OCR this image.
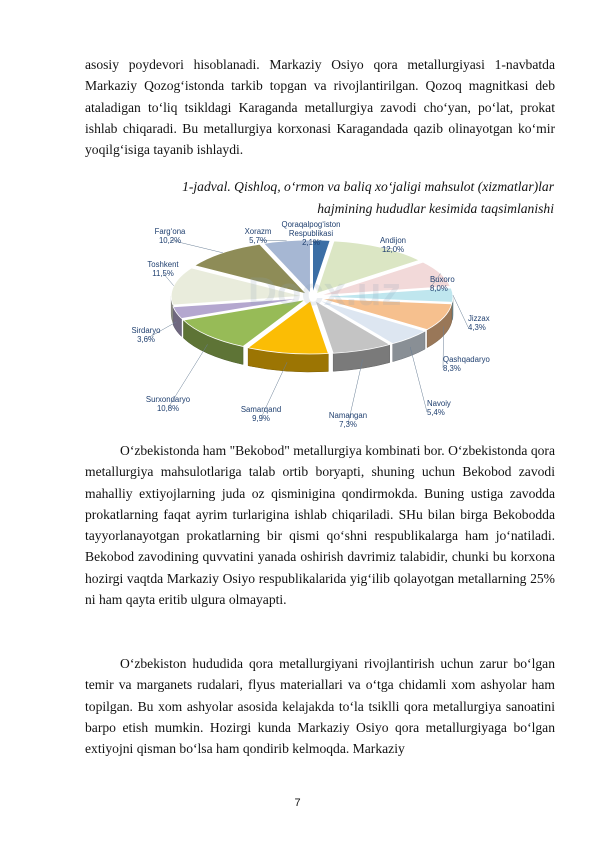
asosiy poydevori hisoblanadi. Markaziy Osiyo qora metallurgiyasi 1-navbatda Markaziy Qozog‘istonda tarkib topgan va rivojlantirilgan. Qozoq magnitkasi deb ataladigan to‘liq tsikldagi Karaganda metallurgiya zavodi cho‘yan, po‘lat, prokat ishlab chiqaradi. Bu metallurgiya korxonasi Karagandada qazib olinayotgan ko‘mir yoqilg‘isiga tayanib ishlaydi.

1-jadval. Qishloq, o‘rmon va baliq xo‘jaligi mahsulot (xizmatlar)lar
hajmining hududlar kesimida taqsimlanishi
Docx.uz
Qoraqalpog‘iston Respublikasi 2,1%	Andijon 12,0%
Buxoro 8,0%
Jizzax 4,3%
Qashqadaryo 8,3%
Navoiy 5,4%
Namangan 7,3%
Samarqand 9,9%
Surxondaryo 10,8%
Sirdaryo 3,6%
Toshkent 11,5%
Farg‘ona 10,2%
Xorazm 5,7%

O‘zbekistonda ham "Bekobod" metallurgiya kombinati bor. O‘zbekistonda qora metallurgiya mahsulotlariga talab ortib boryapti, shuning uchun Bekobod zavodi mahalliy extiyojlarning juda oz qisminigina qondirmokda. Buning ustiga zavodda prokatlarning faqat ayrim turlarigina ishlab chiqariladi. SHu bilan birga Bekobodda tayyorlanayotgan prokatlarning bir qismi qo‘shni respublikalarga ham jo‘natiladi. Bekobod zavodining quvvatini yanada oshirish davrimiz talabidir, chunki bu korxona hozirgi vaqtda Markaziy Osiyo respublikalarida yig‘ilib qolayotgan metallarning 25% ni ham qayta eritib ulgura olmayapti.

O‘zbekiston hududida qora metallurgiyani rivojlantirish uchun zarur bo‘lgan temir va marganets rudalari, flyus materiallari va o‘tga chidamli xom ashyolar ham topilgan. Bu xom ashyolar asosida kelajakda to‘la tsiklli qora metallurgiya sanoatini barpo etish mumkin. Hozirgi kunda Markaziy Osiyo qora metallurgiyaga bo‘lgan extiyojni qisman bo‘lsa ham qondirib kelmoqda. Markaziy

7
